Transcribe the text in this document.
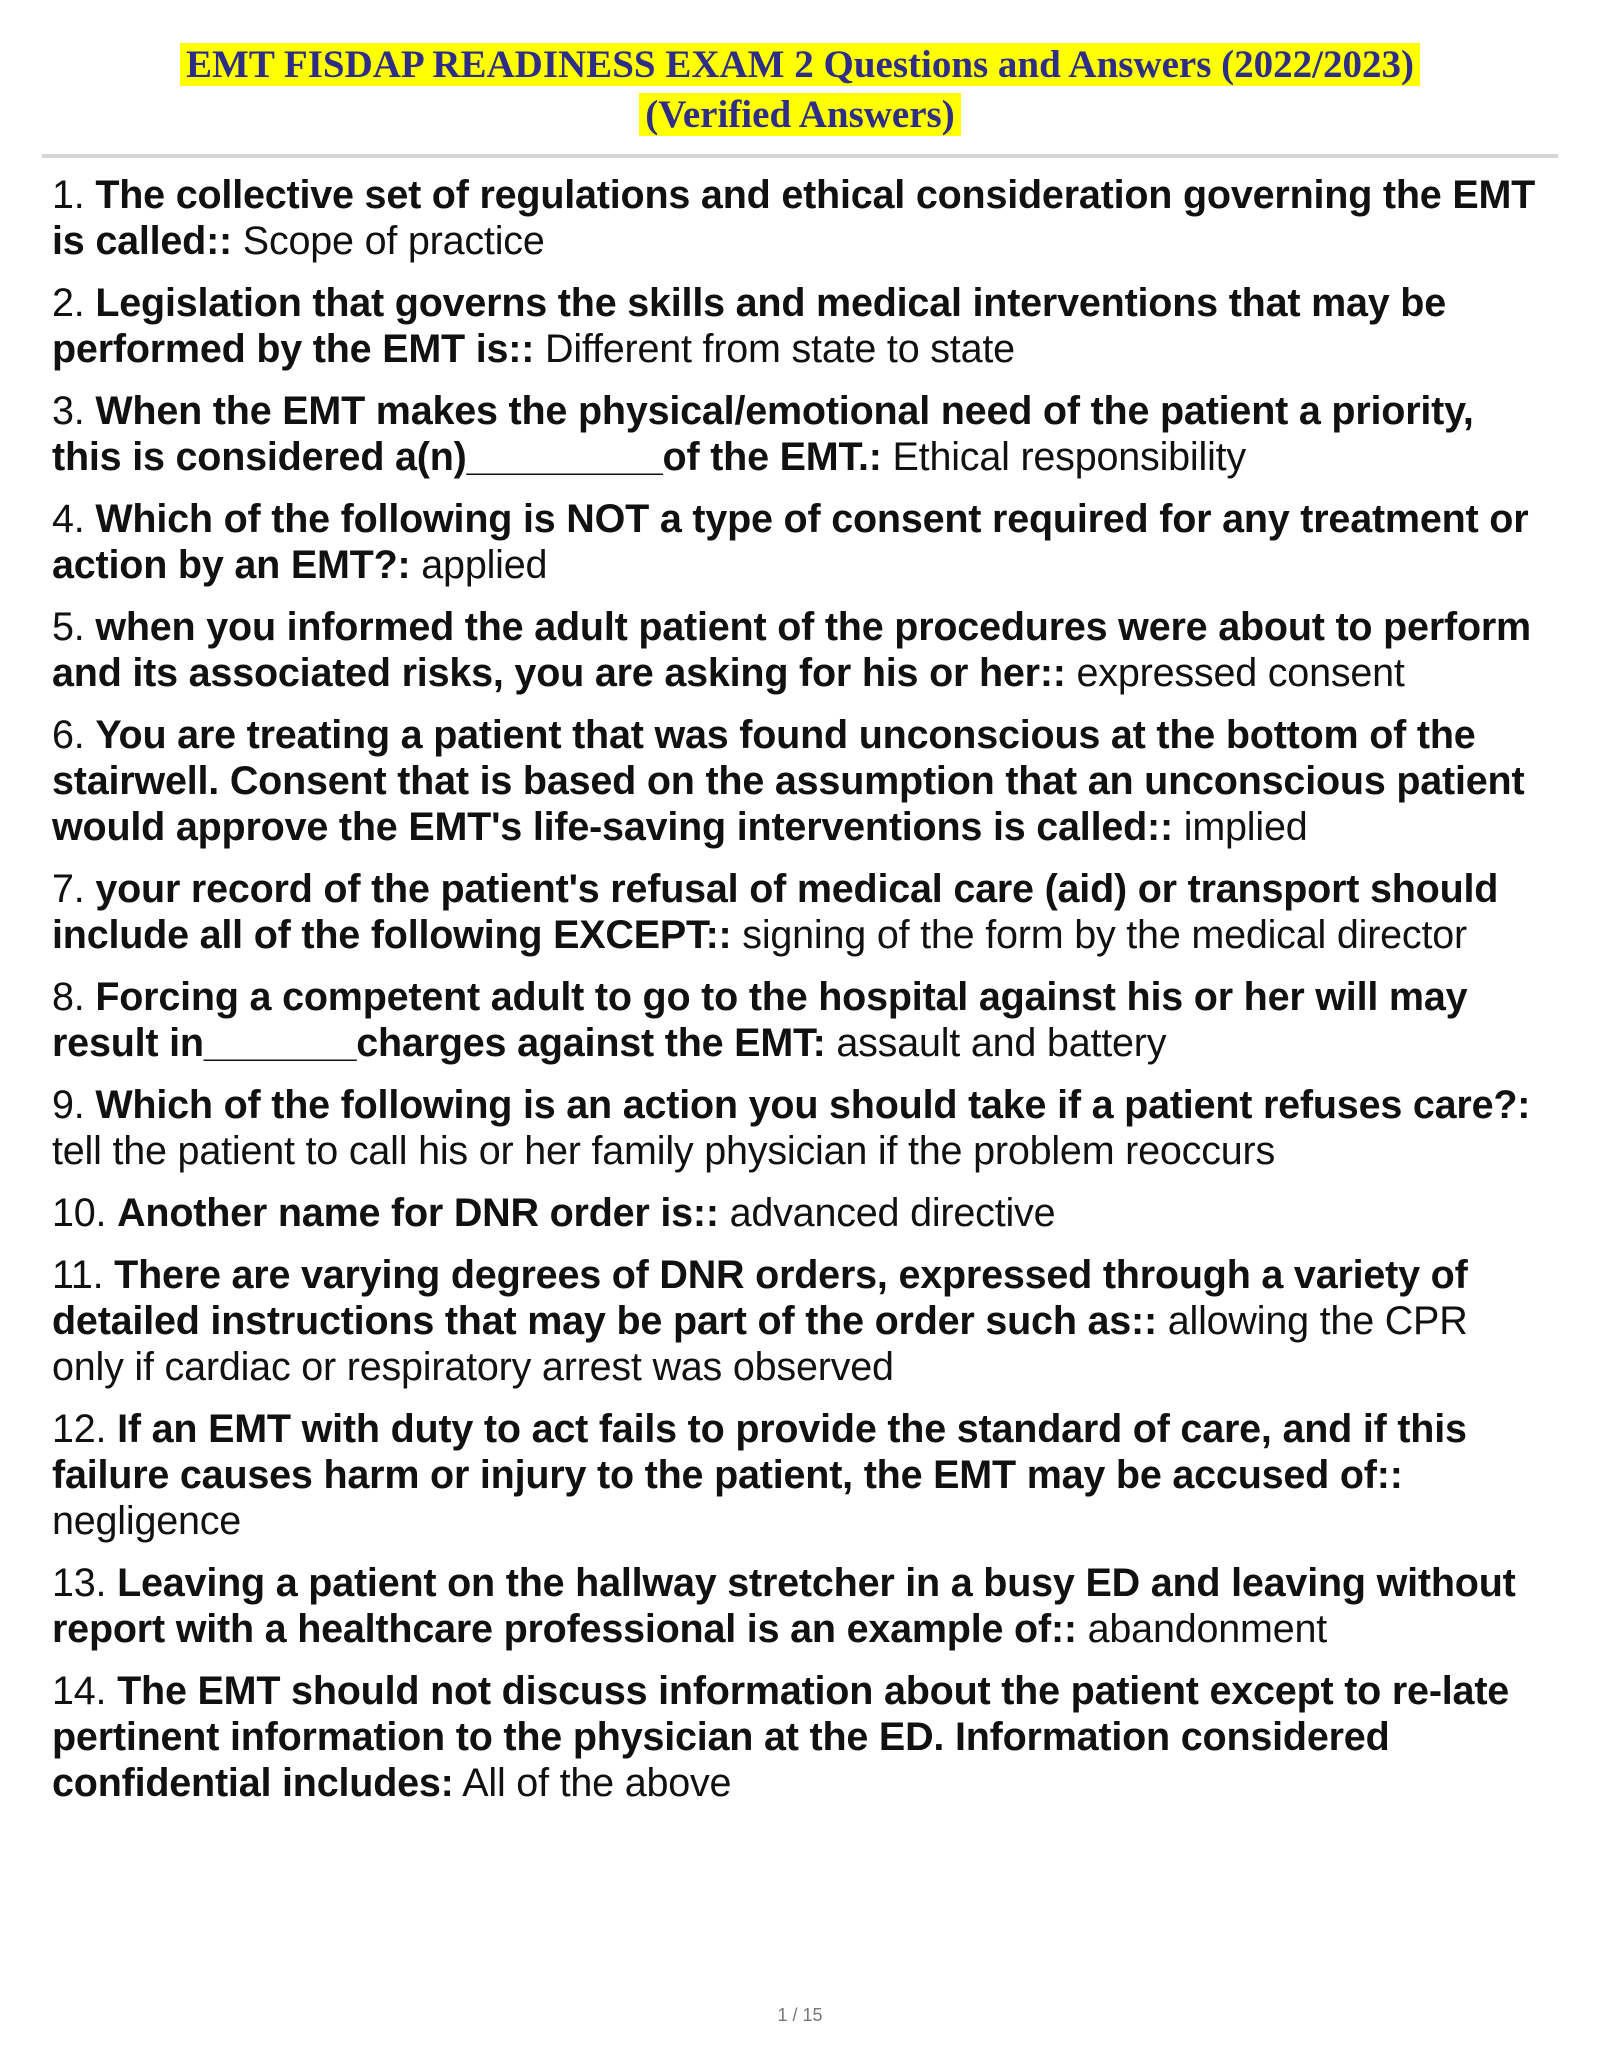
EMT FISDAP READINESS EXAM 2 Questions and Answers (2022/2023)
(Verified Answers)
1. The collective set of regulations and ethical consideration governing the EMT is called:: Scope of practice
2. Legislation that governs the skills and medical interventions that may be performed by the EMT is:: Different from state to state
3. When the EMT makes the physical/emotional need of the patient a priority, this is considered a(n)_________of the EMT.: Ethical responsibility
4. Which of the following is NOT a type of consent required for any treatment or action by an EMT?: applied
5. when you informed the adult patient of the procedures were about to perform and its associated risks, you are asking for his or her:: expressed consent
6. You are treating a patient that was found unconscious at the bottom of the stairwell. Consent that is based on the assumption that an unconscious patient would approve the EMT's life-saving interventions is called:: implied
7. your record of the patient's refusal of medical care (aid) or transport should include all of the following EXCEPT:: signing of the form by the medical director
8. Forcing a competent adult to go to the hospital against his or her will may result in_______charges against the EMT: assault and battery
9. Which of the following is an action you should take if a patient refuses care?: tell the patient to call his or her family physician if the problem reoccurs
10. Another name for DNR order is:: advanced directive
11. There are varying degrees of DNR orders, expressed through a variety of detailed instructions that may be part of the order such as:: allowing the CPR only if cardiac or respiratory arrest was observed
12. If an EMT with duty to act fails to provide the standard of care, and if this failure causes harm or injury to the patient, the EMT may be accused of:: negligence
13. Leaving a patient on the hallway stretcher in a busy ED and leaving without report with a healthcare professional is an example of:: abandonment
14. The EMT should not discuss information about the patient except to re-late pertinent information to the physician at the ED. Information considered confidential includes: All of the above
1 / 15
